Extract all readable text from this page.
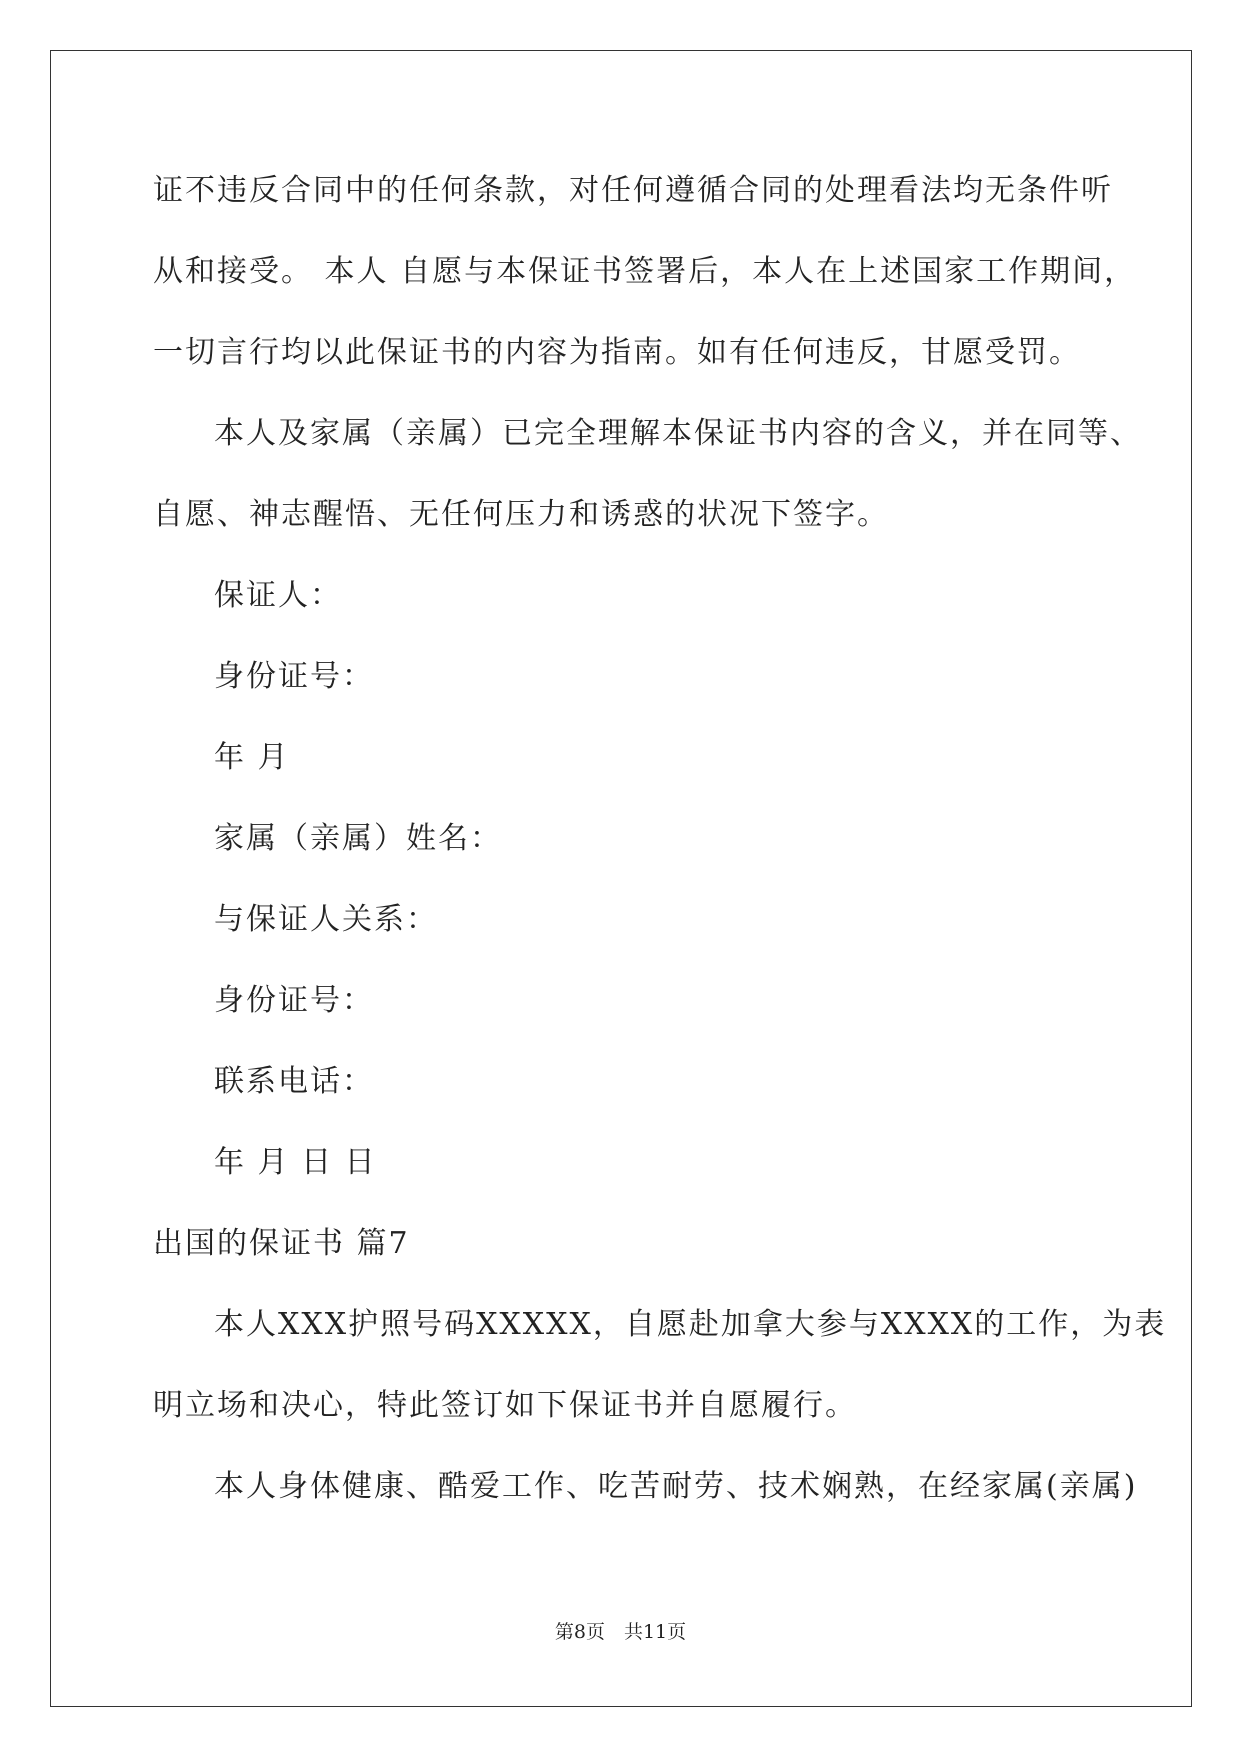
证不违反合同中的任何条款，对任何遵循合同的处理看法均无条件听
从和接受。 本人 自愿与本保证书签署后，本人在上述国家工作期间，
一切言行均以此保证书的内容为指南。如有任何违反，甘愿受罚。
本人及家属（亲属）已完全理解本保证书内容的含义，并在同等、
自愿、神志醒悟、无任何压力和诱惑的状况下签字。
保证人：
身份证号：
年 月
家属（亲属）姓名：
与保证人关系：
身份证号：
联系电话：
年 月 日 日
出国的保证书 篇7
本人XXX护照号码XXXXX，自愿赴加拿大参与XXXX的工作，为表
明立场和决心，特此签订如下保证书并自愿履行。
本人身体健康、酷爱工作、吃苦耐劳、技术娴熟，在经家属(亲属)
第8页　共11页
